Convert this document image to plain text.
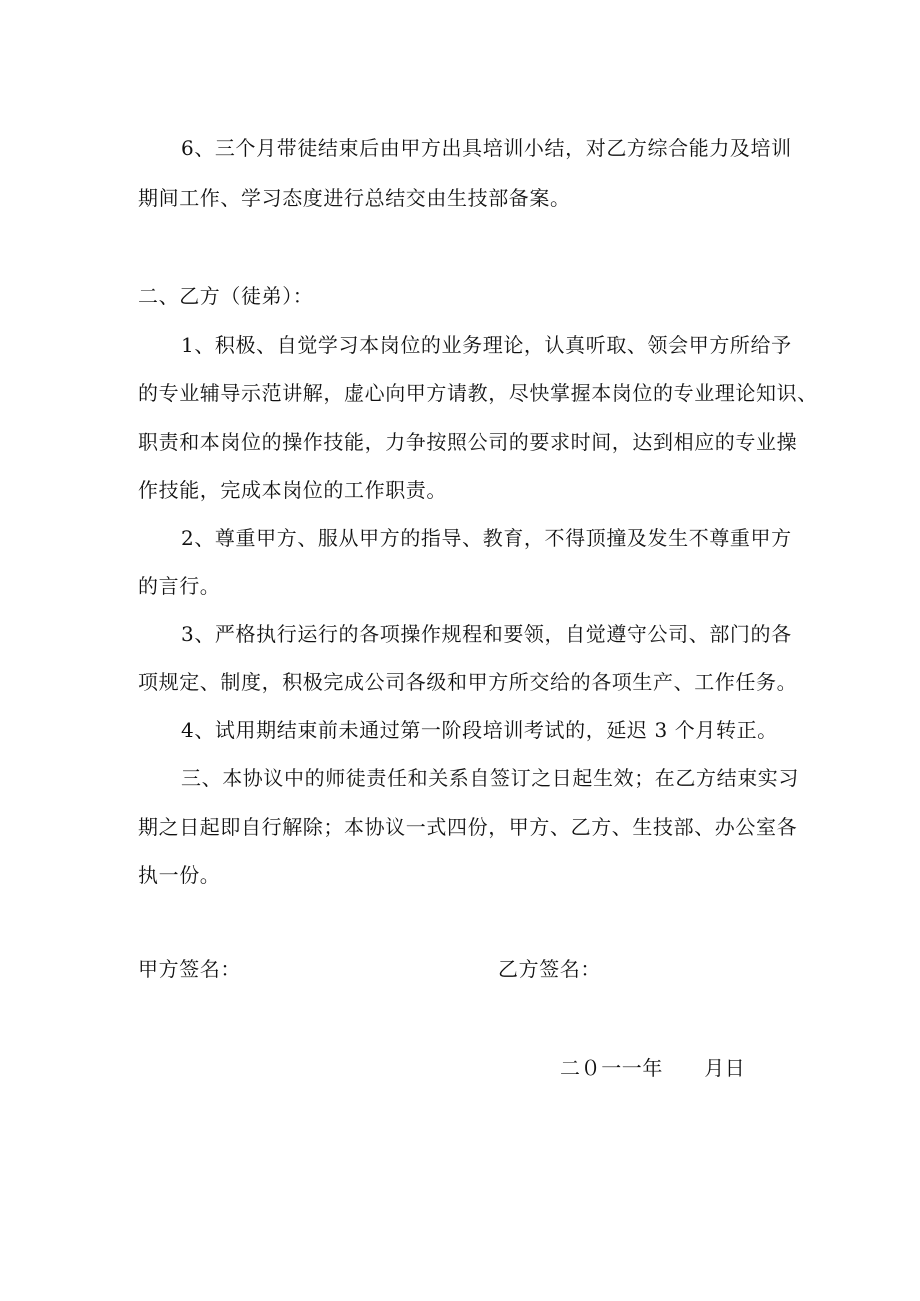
6、三个月带徒结束后由甲方出具培训小结，对乙方综合能力及培训
期间工作、学习态度进行总结交由生技部备案。
二、乙方（徒弟）：
1、积极、自觉学习本岗位的业务理论，认真听取、领会甲方所给予
的专业辅导示范讲解，虚心向甲方请教，尽快掌握本岗位的专业理论知识、
职责和本岗位的操作技能，力争按照公司的要求时间，达到相应的专业操
作技能，完成本岗位的工作职责。
2、尊重甲方、服从甲方的指导、教育，不得顶撞及发生不尊重甲方
的言行。
3、严格执行运行的各项操作规程和要领，自觉遵守公司、部门的各
项规定、制度，积极完成公司各级和甲方所交给的各项生产、工作任务。
4、试用期结束前未通过第一阶段培训考试的，延迟 3 个月转正。
三、本协议中的师徒责任和关系自签订之日起生效；在乙方结束实习
期之日起即自行解除；本协议一式四份，甲方、乙方、生技部、办公室各
执一份。
甲方签名：	乙方签名：
二０一一年　　月日
